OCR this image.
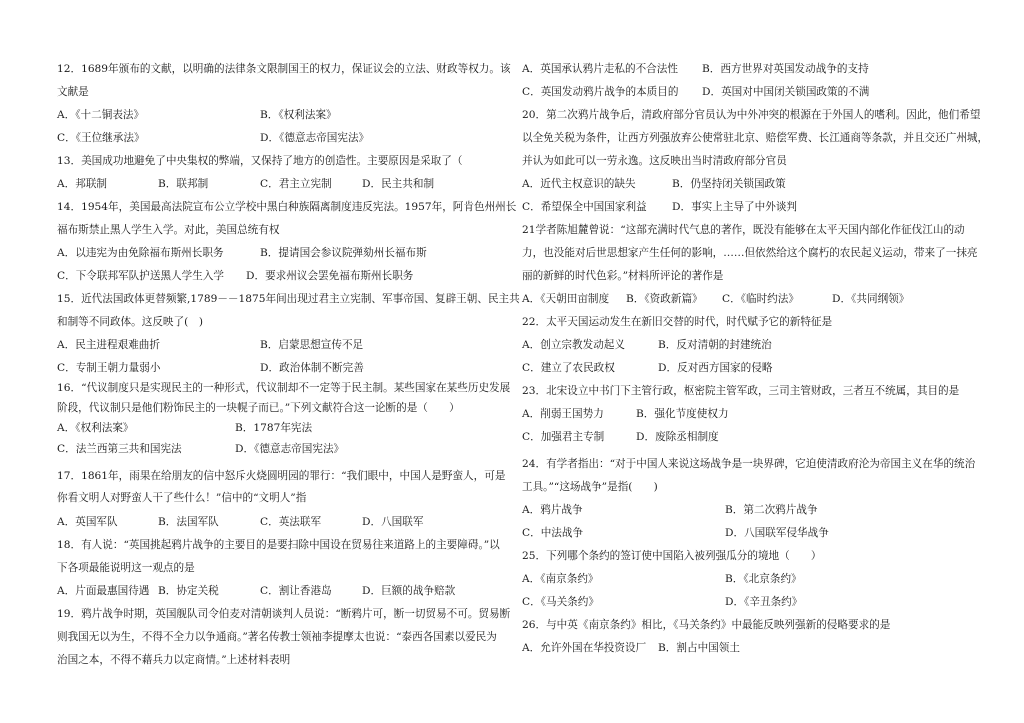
12．1689年颁布的文献，以明确的法律条文限制国王的权力，保证议会的立法、财政等权力。该
文献是
A．《十二铜表法》	B．《权利法案》
C．《王位继承法》	D．《德意志帝国宪法》
13．美国成功地避免了中央集权的弊端，又保持了地方的创造性。主要原因是采取了（
A．邦联制	B．联邦制	C．君主立宪制	D．民主共和制
14．1954年，美国最高法院宣布公立学校中黑白种族隔离制度违反宪法。1957年，阿肯色州州长
福布斯禁止黑人学生入学。对此，美国总统有权
A．以违宪为由免除福布斯州长职务	B．提请国会参议院弹劾州长福布斯
C．下令联邦军队护送黑人学生入学 D．要求州议会罢免福布斯州长职务
15．近代法国政体更替频繁,1789－－1875年间出现过君主立宪制、军事帝国、复辟王朝、民主共
和制等不同政体。这反映了(　)
A．民主进程艰难曲折	B．启蒙思想宣传不足
C．专制王朝力量弱小	D．政治体制不断完善
16．“代议制度只是实现民主的一种形式，代议制却不一定等于民主制。某些国家在某些历史发展
阶段，代议制只是他们粉饰民主的一块幌子而已。”下列文献符合这一论断的是（　　）
A．《权利法案》	B．1787年宪法
C．法兰西第三共和国宪法	D．《德意志帝国宪法》
17．1861年，雨果在给朋友的信中怒斥火烧圆明园的罪行：“我们眼中，中国人是野蛮人，可是
你看文明人对野蛮人干了些什么！”信中的“文明人”指
A．英国军队	B．法国军队	C．英法联军	D．八国联军
18．有人说：“英国挑起鸦片战争的主要目的是要扫除中国设在贸易往来道路上的主要障碍。”以
下各项最能说明这一观点的是
A．片面最惠国待遇 B．协定关税	C．割让香港岛	D．巨额的战争赔款
19．鸦片战争时期，英国舰队司令伯麦对清朝谈判人员说：“断鸦片可，断一切贸易不可。贸易断
则我国无以为生，不得不全力以争通商。”著名传教士领袖李提摩太也说：“泰西各国素以爱民为
治国之本，不得不藉兵力以定商情。”上述材料表明
A．英国承认鸦片走私的不合法性 B．西方世界对英国发动战争的支持
C．英国发动鸦片战争的本质目的 D．英国对中国闭关锁国政策的不满
20．第二次鸦片战争后，清政府部分官员认为中外冲突的根源在于外国人的嗜利。因此，他们希望
以全免关税为条件，让西方列强放弃公使常驻北京、赔偿军费、长江通商等条款，并且交还广州城，
并认为如此可以一劳永逸。这反映出当时清政府部分官员
A．近代主权意识的缺失	B．仍坚持闭关锁国政策
C．希望保全中国国家利益 D．事实上主导了中外谈判
21学者陈旭麓曾说：“这部充满时代气息的著作，既没有能够在太平天国内部化作征伐江山的动
力，也没能对后世思想家产生任何的影响，……但依然给这个腐朽的农民起义运动，带来了一抹亮
丽的新鲜的时代色彩。”材料所评论的著作是
A．《天朝田亩制度 B．《资政新篇》 C．《临时约法》	D．《共同纲领》
22．太平天国运动发生在新旧交替的时代，时代赋予它的新特征是
A．创立宗教发动起义	B．反对清朝的封建统治
C．建立了农民政权	D．反对西方国家的侵略
23．北宋设立中书门下主管行政，枢密院主管军政，三司主管财政，三者互不统属，其目的是
A．削弱王国势力	B．强化节度使权力
C．加强君主专制	D．废除丞相制度
24．有学者指出：“对于中国人来说这场战争是一块界碑，它迫使清政府沦为帝国主义在华的统治
工具。”“这场战争”是指(　　)
A．鸦片战争	B．第二次鸦片战争
C．中法战争	D．八国联军侵华战争
25．下列哪个条约的签订使中国陷入被列强瓜分的境地（　　）
A．《南京条约》	B．《北京条约》
C．《马关条约》	D．《辛丑条约》
26．与中英《南京条约》相比，《马关条约》中最能反映列强新的侵略要求的是
A．允许外国在华投资设厂 B．割占中国领土
